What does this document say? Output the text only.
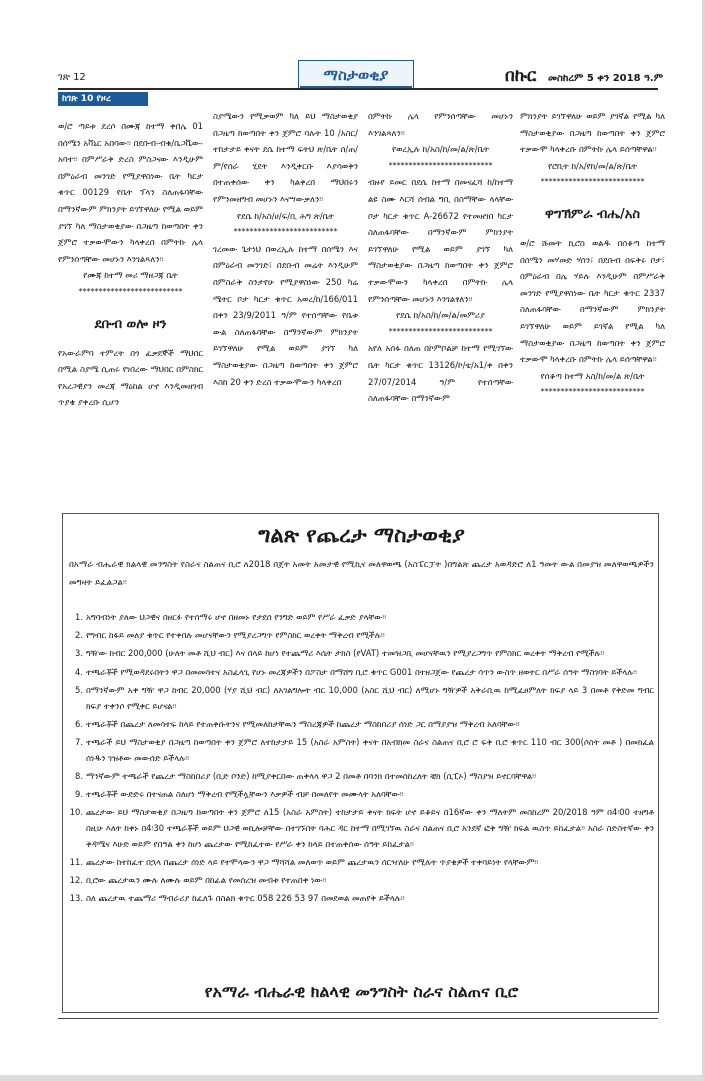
ገጽ 12	ማስታወቂያ	በኩር መስከረም 5 ቀን 2018 ዓ.ም
ከገጽ 10 የዞረ

ወ/ሮ ጣይቱ ደረሶ በሙጃ ከተማ ቀበሌ 01 በሰሜን አቫኒር አበባው፡፡ በደቡብ-ብቁ/ቤጋቬው-አባተ፡፡ በምሥራቅ ድረስ ምስጋናው እንዲሁም በምዕራብ መንገድ የሚያዋስነው ቤት ካርታ ቁጥር 00129 የቤት ፕላን ስለጠፋባቸው በማንኛውም ምክንያት ይገኘዋለሁ የሚል ወይም ያገኘ ካለ ማስታወቂያው በጋዜጣ ከወጣበት ቀን ጀምሮ ተቃውሞውን ካላቀረበ በምትኩ ሌላ የምንሰጣቸው መሆኑን እንገልጻለን፡፡

የሙጃ ከተማ መሪ ማዘጋጃ ቤት
**************************
ደቡብ ወሎ ዞን

የአውራምባ ተምረት በጎ ፈቃደኞች ማህበር በሚል ስያሜ ሲጠሩ የነበረው ማህበር በምስክር የአረጋዊያን መረጃ ማዕከል ሆኖ እንዲመዘገብ ጥያቄ ያቀረቡ ሲሆን

ስያሜውን የሚቃወም ካለ ይህ ማስታወቂያ በጋዜጣ ከወጣበት ቀን ጀምሮ ባሉት 10 /አስር/ ተከታታይ ቀናት ደሴ ከተማ ፍትህ ጽ/ቤት ሰ/ጠ/ም/የሰራ ሂደት እንዲቀርቡ እያሳወቅን በተጠቀሰው ቀን ካልቀረበ ማህበሩን የምንመዘግብ መሆኑን እናሣውቃለን፡፡

የደሴ ከ/አስ/ሀ/ፍ/ቢ ሕግ ጽ/ቤት
**************************

ገረመው ጌታነህ በወረኢሉ ከተማ በሰሜን እና በምዕራብ መንገድ፣ በደቡብ መሬት እንዲሁም በምስራቅ ስንታየሁ የሚያዋስነው 250 ካሬ ሜትር ቦታ ካርታ ቁጥር አወረ/ከ/166/011 በቀን 23/9/2011 ዓ/ም የተሰጣቸው የቤቱ ውል ስለጠፋባቸው በማንኛውም ምክንያት ይገኘዋለሁ የሚል ወይም ያገኘ ካለ ማስታወቂያው በጋዜጣ ከወጣበት ቀን ጀምሮ እስከ 20 ቀን ድረስ ተቃውሞውን ካላቀረበ

በምትኩ ሌላ የምንሰጣቸው መሆኑን እንገልጻለን፡፡

የወረኢሉ ከ/አስ/ከ/መ/ል/ጽ/ቤት
**************************

ብዙየ ይመር በደሴ ከተማ በመናፈሻ ከ/ከተማ ልዩ ስሙ እርሻ ሰብል ግቢ በስማቸው ላላቸው ቦታ ካርታ ቁጥር A-26672 የተመዘገበ ካርታ ስለጠፋባቸው በማንኛውም ምክንያት ይገኘዋለሁ የሚል ወይም ያገኘ ካለ ማስታወቂያው በጋዜጣ ከወጣበት ቀን ጀምሮ ተቃውሞውን ካላቀረበ በምትኩ ሌላ የምንሰጣቸው መሆኑን እንገልፃለን፡፡

የደሴ ከ/አስ/ከ/መ/ል/መምሪያ
**************************

አየለ አሰፋ በለጠ በኮምቦልቻ ከተማ የሚገኘው ቤት ካርታ ቁጥር 13126/ኮ/ቴ/አ1/ቀ በቀን 27/07/2014 ዓ/ም የተሰጣቸው ስለጠፋባቸው በማንኛውም

ምክንያት ይገኘዋለሁ ወይም ያገኛል የሚል ካለ ማስታወቂያው በጋዜጣ ከወጣበት ቀን ጀምሮ ተቃውሞ ካላቀረቡ በምትኩ ሌላ ይሰጣቸዋል፡፡

የሮቢት ከ/አ/የከ/መ/ል/ጽ/ቤት
**************************
ዋግኽምራ ብሔ/አስ

ወ/ሮ ሹመት ኪሮስ ወልዱ በሰቆጣ ከተማ በሰሜን መሃመድ ሃሰን፣ በደቡብ በፍቅሩ ቦታ፣ በምዕራብ በሌ ሃይሉ እንዲሁም በምሥራቅ መንገድ የሚያዋስነው ቤት ካርታ ቁጥር 2337 ስለጠፋባቸው በማንኛውም ምክንያት ይገኘዋለሁ ወይም ይገኛል የሚል ካለ ማስታወቂያው በጋዜጣ ከወጣበት ቀን ጀምሮ ተቃውሞ ካላቀረቡ በምትኩ ሌላ ይሰጣቸዋል፡፡

የሰቆጣ ከተማ አስ/ከ/መ/ል ጽ/ቤት
**************************
ግልጽ የጨረታ ማስታወቂያ
በአማራ ብሔራዊ ክልላዊ መንግስት የስራና ስልጠና ቢሮ ለ2018 በጀት አመት አመታዊ የሚኪና መለዋወጫ (አስፔርፓት )በግልጽ ጨረታ አወዳድሮ ለ1 ዓመት ውል በመያዝ መለዋወጫዎችን መግዛት ይፈልጋል፡፡
1. አግባብነት ያለው ህጋዊና በዘርፉ የተሰማሩ ሆኖ በዘመኑ የታደሰ የንግድ ወይም የሥራ ፈቃድ ያላቸው፡፡
2. የግብር ከፋይ መለያ ቁጥር የተቀበሉ መሆናቸውን የሚያረጋግጥ የምስክር ወረቀት ማቅረብ የሚችሉ፡፡
3. ግዥው ከብር 200,000 (ሁለት መቶ ሺህ ብር) እና በላይ ከሆነ የተጨማሪ እሴት ታክስ (የVAT) ተመዝጋቢ መሆናቸዉን የሚያረጋግጥ የምስክር ወረቀት ማቅረብ የሚችሉ፡፡
4. ተጫራቾች የሚወዳደሩበትን ዋጋ በመመሳተና አስፈላጊ የሆኑ መረጃዎችን በፖስታ በማሸግ ቢሮ ቁጥር G001 በተዘጋጀው የጨረታ ሳጥን ውስጥ ዘወትር በሥራ ሰዓት ማስገባት ይችላሉ፡፡
5. በማንኛውም አቀ ግዥ ዋጋ ከብር 20,000 (ሃያ ሺህ ብር) ለአገልግሎት ብር 10,000 (አስር ሺህ ብር) ለሚሆኑ ግዥዎች አቅራቢዉ ከሚፈፀምለት ክፍያ ላይ 3 በመቶ የቅድመ ግብር ክፍያ ተቀንሶ የሚቀር ይሆናል፡፡
6. ተጫራቾች በጨረታ ለመሳተፍ ከላይ የተጠቀሱትንና የሚመለከታቸዉን ማስረጃዎች ከጨረታ ማስከበሪያ ሰነድ ጋር በማያያዝ ማቅረብ አለባቸው፡፡
7. ተጫራች ይህ ማስታወቂያ በጋዜጣ ከወጣበት ቀን ጀምሮ ለተከታታይ 15 (አስራ አምስት) ቀናት በአብክመ ስራና ስልጠና ቢሮ ሮ ፍቅ ቢሮ ቁጥር 110 ብር 300(ሶስት መቶ ) በመክፈል ሰነዱን ገዝቶው መውሰድ ይችላሉ፡፡
8. ማንኛውም ተጫራች የጨረታ ማስከበሪያ (ቢድ ቦንድ) ከሚያቀርበው ጠቅላላ ዋጋ 2 በመቶ በባንክ በተመሰከረለት ቼክ (ሲፒኦ) ማስያዝ ይኖርባቸዋል፡፡
9. ተጫራቾች ውድድሩ በተናጠል ስለሆነ ማቅረብ የሚችሏቸውን እቃዎች ብቻ በመለየት መሙላት አለባቸው፡፡
10. ጨረታው ይህ ማስታወቂያ በጋዜጣ ከወጣበት ቀን ጀምሮ ለ15 (አስራ አምስት) ተከታታይ ቀናት ክፍት ሆኖ ይቆይና በ16ኛው ቀን ማለትም መስከረም 20/2018 ዓም በ4፡00 ተዘግቶ በዚሁ እለት ከቀኑ በ4፡30 ተጫራቾች ወይም ህጋዊ ወኪሎቻቸው በተገኙበት ባሕር ዳር ከተማ በሚገኘዉ ስራና ስልጠና ቢሮ አንደኛ ፎቅ ግዥ ክፍል ዉስጥ ይከፈታል፡፡ አስራ ስድስተኛው ቀን ቅዳሜና እሁድ ወይም የበዓል ቀን ከሆነ ጨረታው የሚከፈተው የሥራ ቀን ከላይ በተጠቀሰው ሰዓት ይከፈታል፡፡
11. ጨረታው ከተከፈተ በኋላ በጨረታ ሰነድ ላይ የተሞላውን ዋጋ ማሻሻል መለወጥ ወይም ጨረታዉን ሰርዣለሁ የሚሉት ጥያቄዎች ተቀባይነት የላቸውም፡፡
12. ቢሮው ጨረታዉን ሙሉ ለሙሉ ወይም በከፊል የመሰረዝ መብቱ የተጠበቀ ነው፡፡
13. ስለ ጨረታዉ ተጨማሪ ማብራሪያ ከፈለጉ በስልክ ቁጥር 058 226 53 97 በመደወል መጠየቅ ይችላሉ፡፡
የአማራ ብሔራዊ ክልላዊ መንግስት ስራና ስልጠና ቢሮ
